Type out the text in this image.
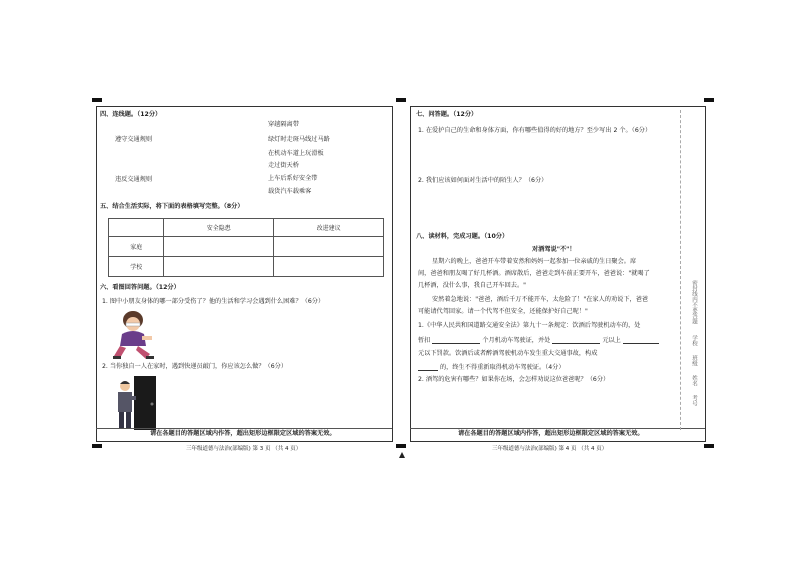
四、连线题。（12分）
遵守交通规则
违反交通规则
穿越隔离带
绿灯时走斑马线过马路
在机动车道上玩滑板
走过街天桥
上车后系好安全带
载货汽车载乘客
五、结合生活实际，将下面的表格填写完整。（8分）
	安全隐患	改进建议
家庭		
学校		
六、看图回答问题。（12分）
1. 图中小朋友身体的哪一部分受伤了？他的生活和学习会遇到什么困难？（6分）
2. 当你独自一人在家时，遇到快递员敲门，你应该怎么做？（6分）
请在各题目的答题区域内作答，超出矩形边框限定区域的答案无效。
三年级道德与法治(部编版) 第 3 页 （共 4 页）
七、问答题。（12分）
1. 在爱护自己的生命和身体方面，你有哪些值得的好的地方？至少写出 2 个。（6分）
2. 我们应该如何面对生活中的陌生人？（6分）
八、读材料，完成习题。（10分）
对酒驾说"不"！
星期六的晚上，爸爸开车带着安然和妈妈一起参加一位亲戚的生日聚会。席
间，爸爸和朋友喝了好几杯酒。酒席散后，爸爸走到车前正要开车，爸爸说："就喝了
几杯酒，没什么事，我自己开车回去。"
安然着急地说："爸爸，酒后千万不能开车，太危险了！"在家人的劝说下，爸爸
可能请代驾回家。请一个代驾不但安全，还能保护好自己呢！"
1.《中华人民共和国道路交通安全法》第九十一条规定：饮酒后驾驶机动车的，处
暂扣	个月机动车驾驶证，并处	元以上
元以下罚款。饮酒后或者醉酒驾驶机动车发生重大交通事故，构成
的，终生不得重新取得机动车驾驶证。（4分）
2. 酒驾的危害有哪些？如果你在场，会怎样劝说这位爸爸呢？（6分）
请在各题目的答题区域内作答，超出矩形边框限定区域的答案无效。
三年级道德与法治(部编版) 第 4 页 （共 4 页）
密封线内不要答题
学校
班级
姓名
考号
